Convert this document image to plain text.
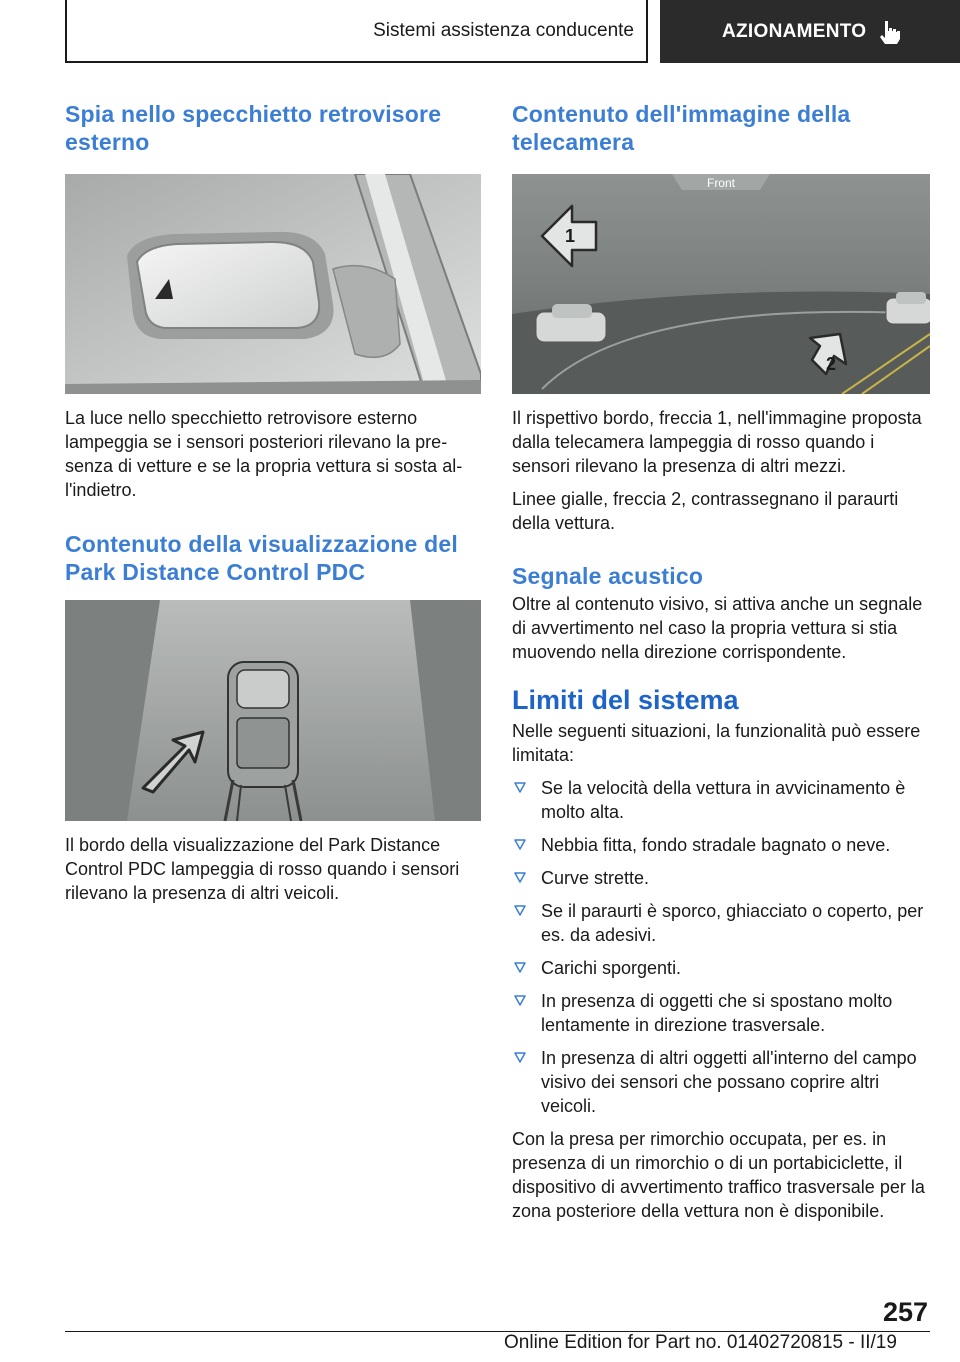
Sistemi assistenza conducente	AZIONAMENTO
Spia nello specchietto retrovisore esterno

La luce nello specchietto retrovisore esterno lampeggia se i sensori posteriori rilevano la presenza di vetture e se la propria vettura si sosta all'indietro.

Contenuto della visualizzazione del Park Distance Control PDC

Il bordo della visualizzazione del Park Distance Control PDC lampeggia di rosso quando i sensori rilevano la presenza di altri veicoli.

Contenuto dell'immagine della telecamera
Front
1
2

Il rispettivo bordo, freccia 1, nell'immagine proposta dalla telecamera lampeggia di rosso quando i sensori rilevano la presenza di altri mezzi.

Linee gialle, freccia 2, contrassegnano il paraurti della vettura.

Segnale acustico

Oltre al contenuto visivo, si attiva anche un segnale di avvertimento nel caso la propria vettura si stia muovendo nella direzione corrispondente.

Limiti del sistema

Nelle seguenti situazioni, la funzionalità può essere limitata:

Se la velocità della vettura in avvicinamento è molto alta.
Nebbia fitta, fondo stradale bagnato o neve.
Curve strette.
Se il paraurti è sporco, ghiacciato o coperto, per es. da adesivi.
Carichi sporgenti.
In presenza di oggetti che si spostano molto lentamente in direzione trasversale.
In presenza di altri oggetti all'interno del campo visivo dei sensori che possano coprire altri veicoli.

Con la presa per rimorchio occupata, per es. in presenza di un rimorchio o di un portabiciclette, il dispositivo di avvertimento traffico trasversale per la zona posteriore della vettura non è disponibile.

257
Online Edition for Part no. 01402720815 - II/19
